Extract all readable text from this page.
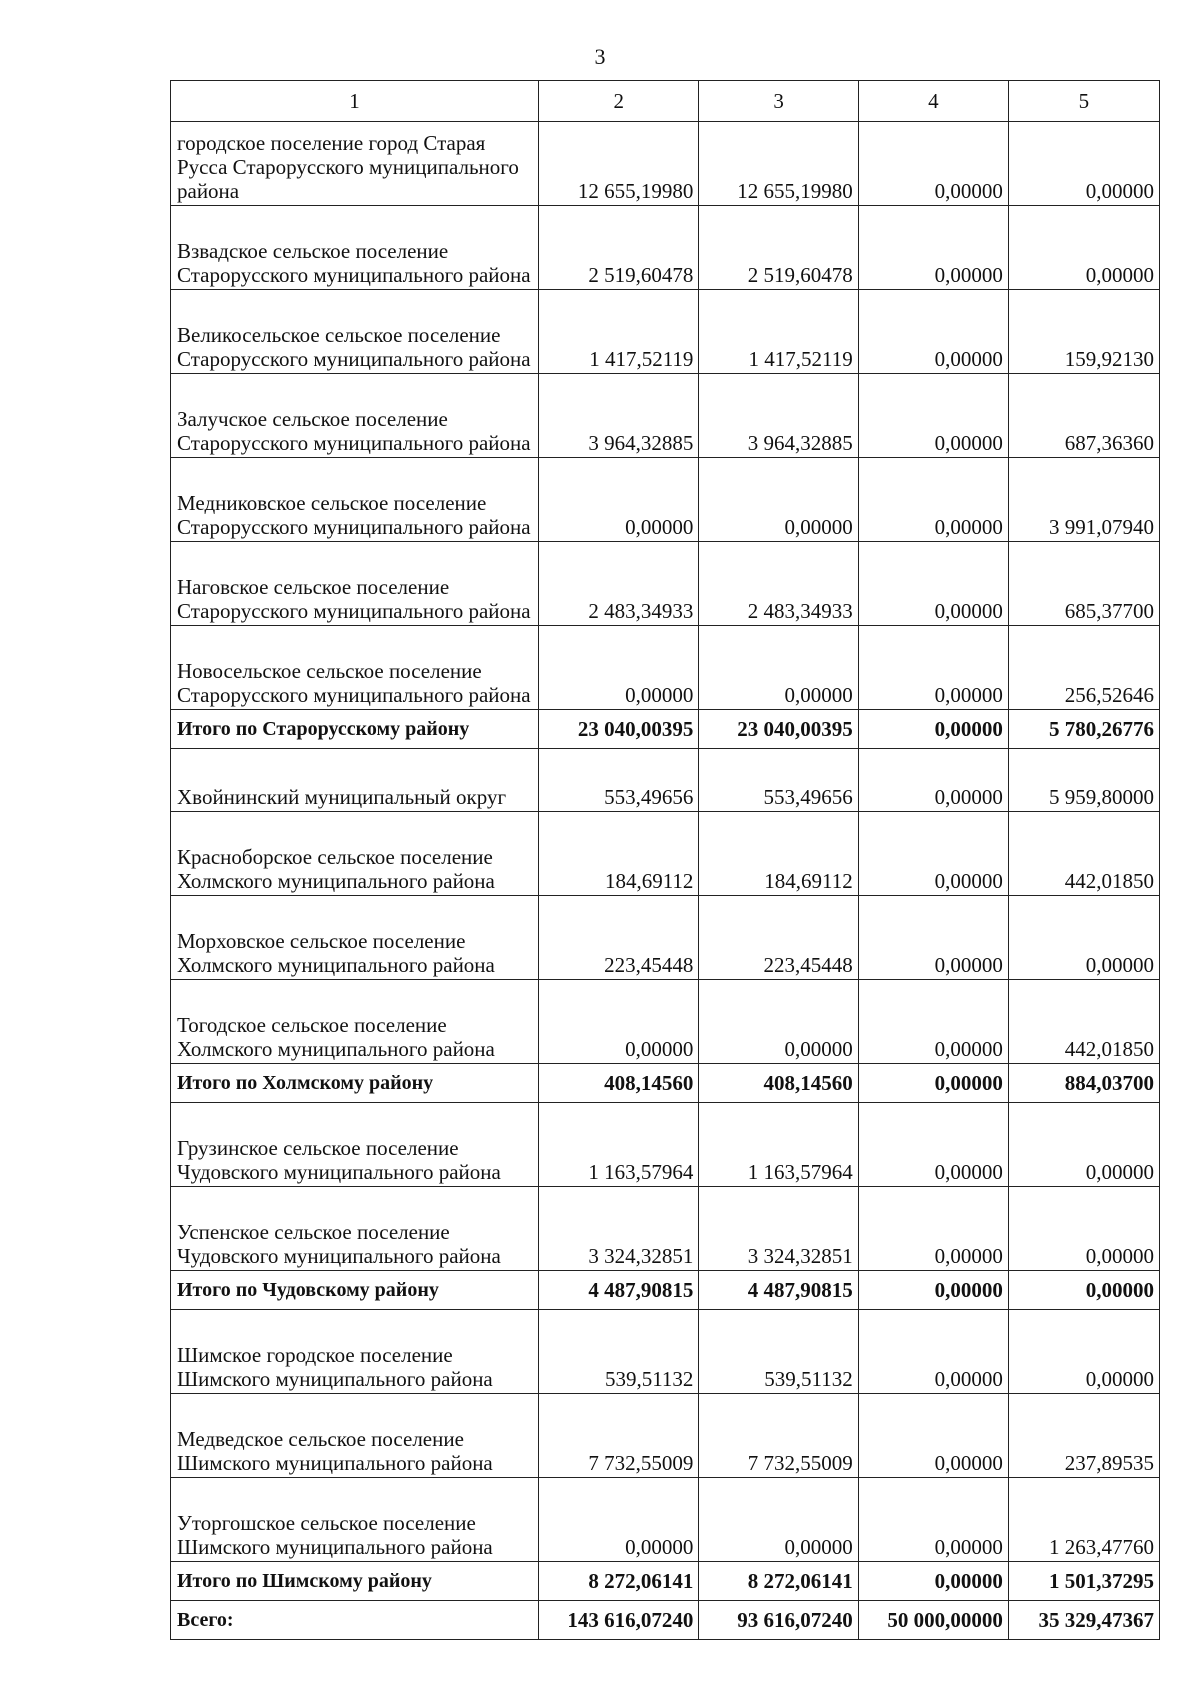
3
1	2	3	4	5
городское поселение город Старая Русса Старорусского муниципального района	12 655,19980	12 655,19980	0,00000	0,00000
Взвадское сельское поселение Старорусского муниципального района	2 519,60478	2 519,60478	0,00000	0,00000
Великосельское сельское поселение Старорусского муниципального района	1 417,52119	1 417,52119	0,00000	159,92130
Залучское сельское поселение Старорусского муниципального района	3 964,32885	3 964,32885	0,00000	687,36360
Медниковское сельское поселение Старорусского муниципального района	0,00000	0,00000	0,00000	3 991,07940
Наговское сельское поселение Старорусского муниципального района	2 483,34933	2 483,34933	0,00000	685,37700
Новосельское сельское поселение Старорусского муниципального района	0,00000	0,00000	0,00000	256,52646
Итого по Старорусскому району	23 040,00395	23 040,00395	0,00000	5 780,26776
Хвойнинский муниципальный округ	553,49656	553,49656	0,00000	5 959,80000
Красноборское сельское поселение Холмского муниципального района	184,69112	184,69112	0,00000	442,01850
Морховское сельское поселение Холмского муниципального района	223,45448	223,45448	0,00000	0,00000
Тогодское сельское поселение Холмского муниципального района	0,00000	0,00000	0,00000	442,01850
Итого по Холмскому району	408,14560	408,14560	0,00000	884,03700
Грузинское сельское поселение Чудовского муниципального района	1 163,57964	1 163,57964	0,00000	0,00000
Успенское сельское поселение Чудовского муниципального района	3 324,32851	3 324,32851	0,00000	0,00000
Итого по Чудовскому району	4 487,90815	4 487,90815	0,00000	0,00000
Шимское городское поселение Шимского муниципального района	539,51132	539,51132	0,00000	0,00000
Медведское сельское поселение Шимского муниципального района	7 732,55009	7 732,55009	0,00000	237,89535
Уторгошское сельское поселение Шимского муниципального района	0,00000	0,00000	0,00000	1 263,47760
Итого по Шимскому району	8 272,06141	8 272,06141	0,00000	1 501,37295
Всего:	143 616,07240	93 616,07240	50 000,00000	35 329,47367
